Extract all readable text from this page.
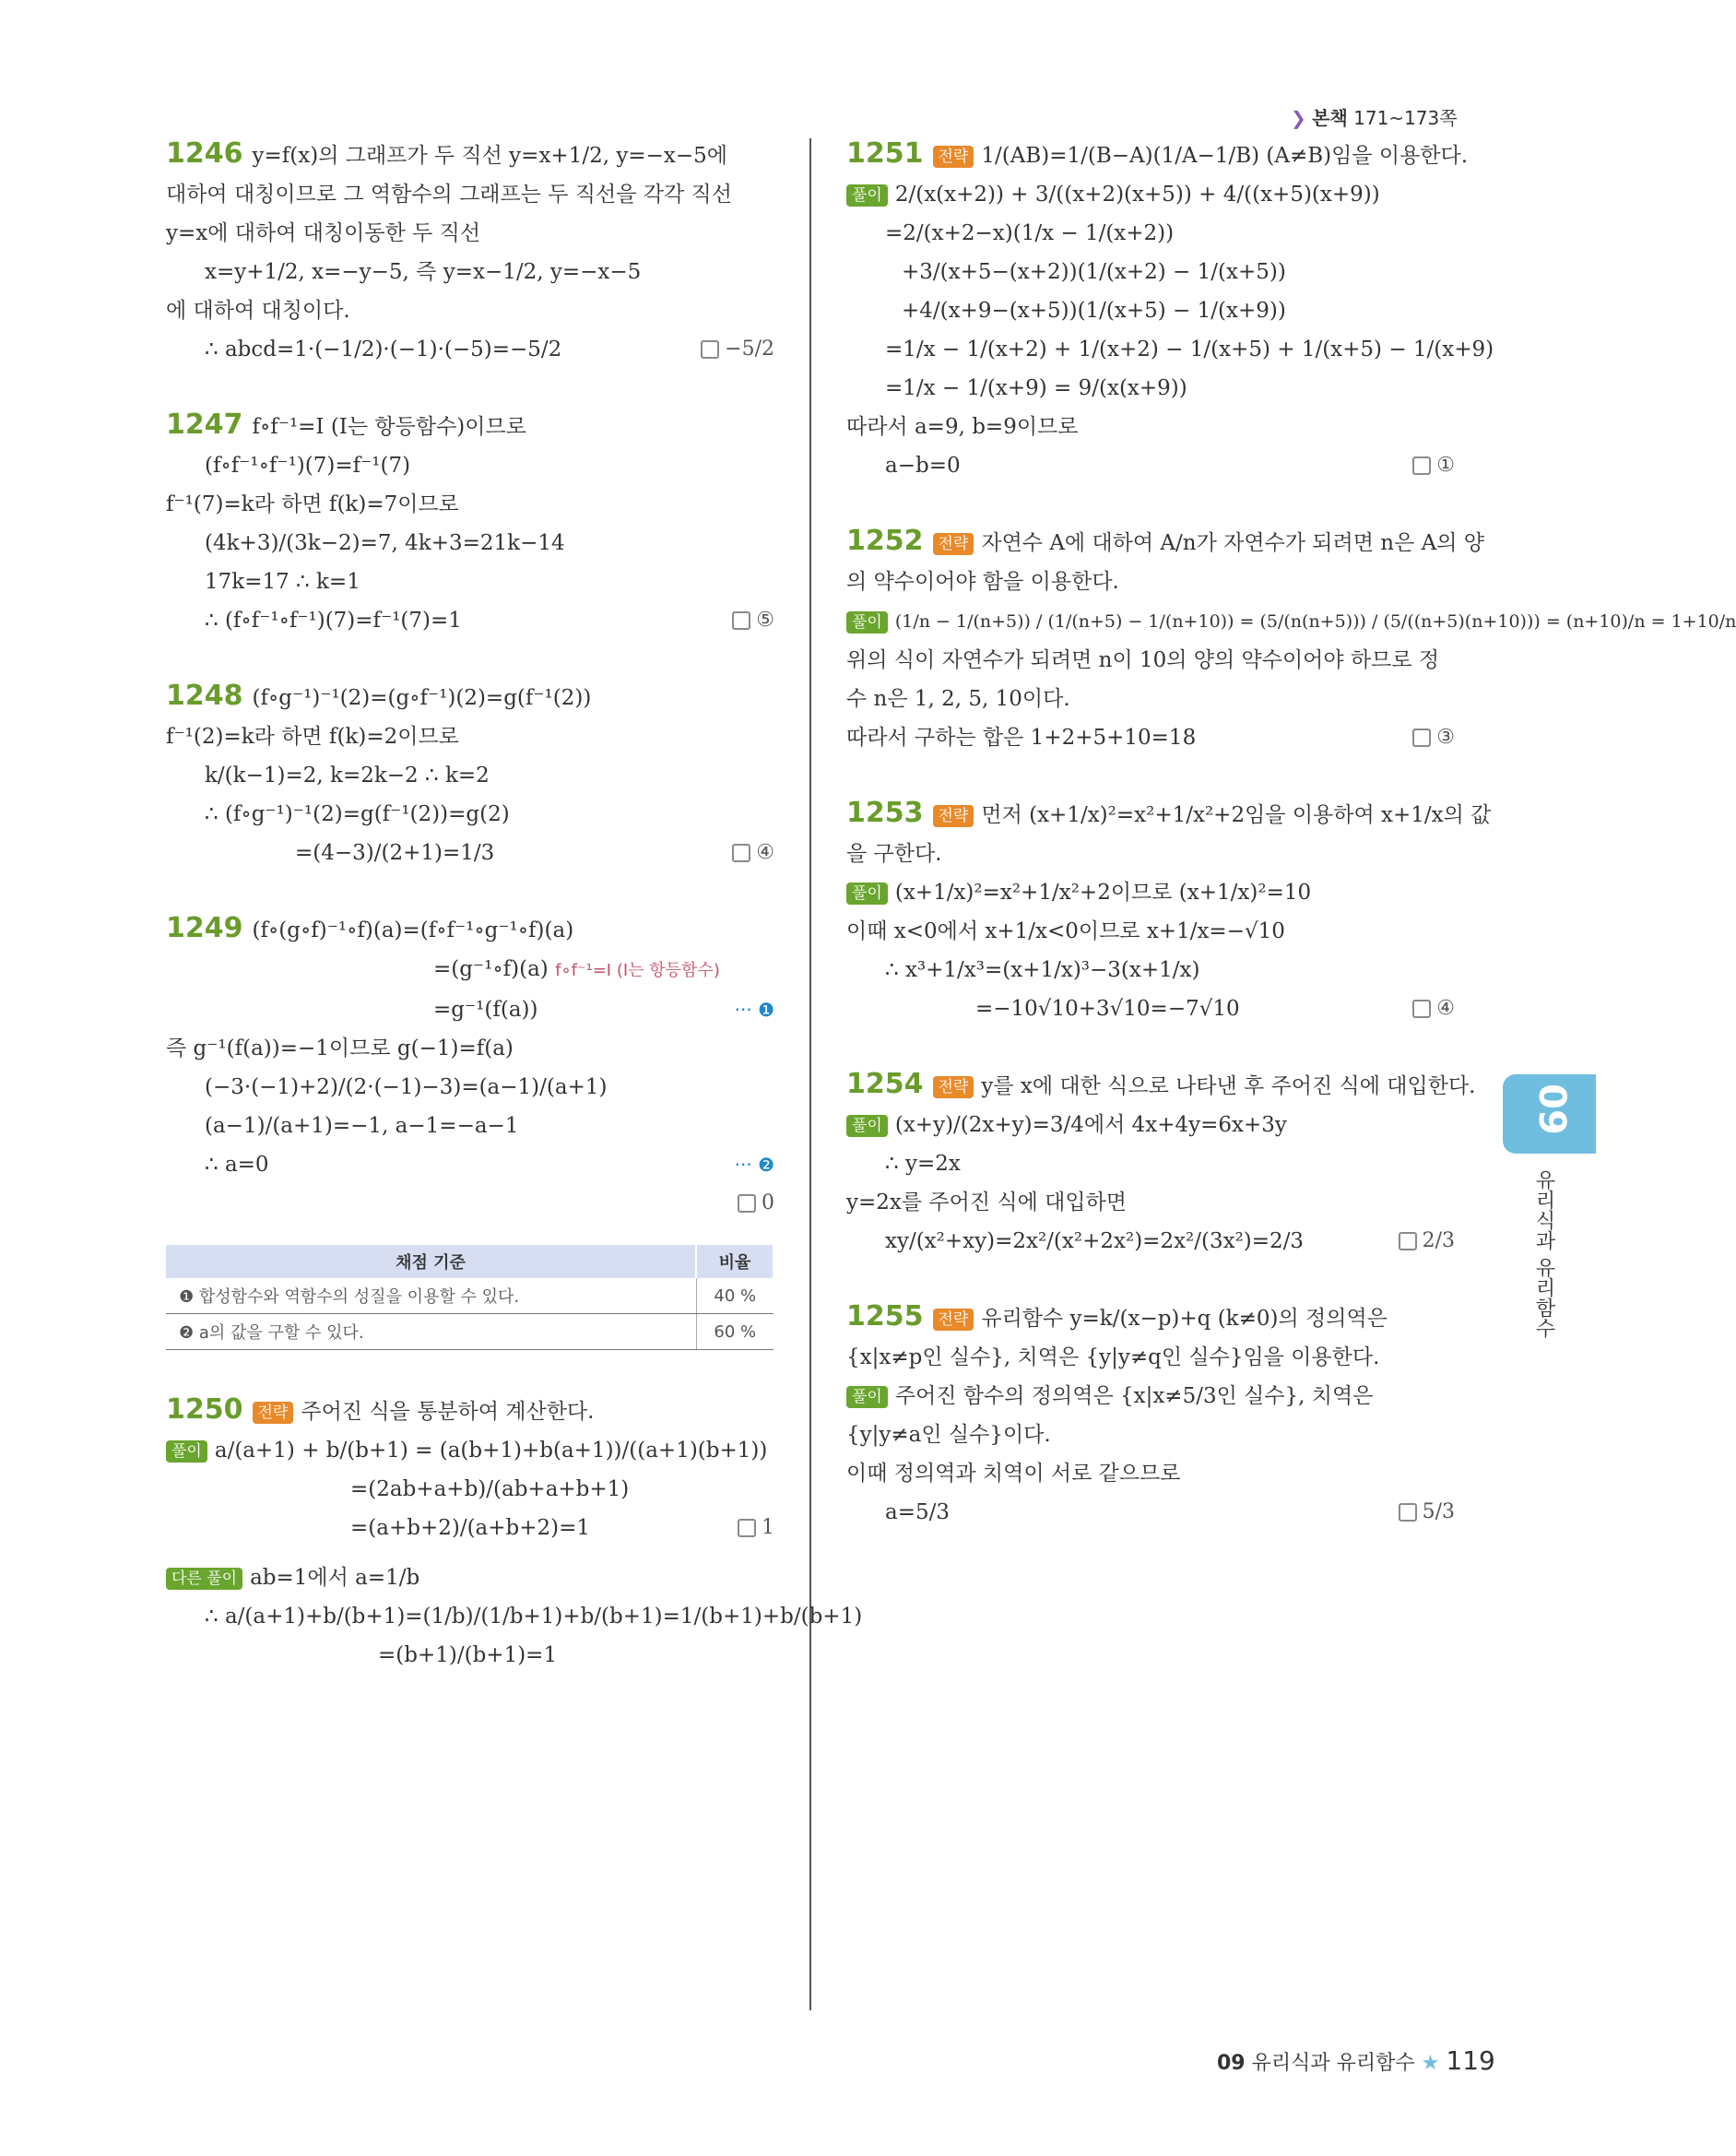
❯ 본책 171~173쪽
1246 y=f(x)의 그래프가 두 직선 y=x+1/2, y=−x−5에
대하여 대칭이므로 그 역함수의 그래프는 두 직선을 각각 직선
y=x에 대하여 대칭이동한 두 직선
x=y+1/2, x=−y−5, 즉 y=x−1/2, y=−x−5
에 대하여 대칭이다.
∴ abcd=1·(−1/2)·(−1)·(−5)=−5/2	−5/2
1247 f∘f⁻¹=I (I는 항등함수)이므로
(f∘f⁻¹∘f⁻¹)(7)=f⁻¹(7)
f⁻¹(7)=k라 하면 f(k)=7이므로
(4k+3)/(3k−2)=7, 4k+3=21k−14
17k=17 ∴ k=1
∴ (f∘f⁻¹∘f⁻¹)(7)=f⁻¹(7)=1	⑤
1248 (f∘g⁻¹)⁻¹(2)=(g∘f⁻¹)(2)=g(f⁻¹(2))
f⁻¹(2)=k라 하면 f(k)=2이므로
k/(k−1)=2, k=2k−2 ∴ k=2
∴ (f∘g⁻¹)⁻¹(2)=g(f⁻¹(2))=g(2)
=(4−3)/(2+1)=1/3	④
1249 (f∘(g∘f)⁻¹∘f)(a)=(f∘f⁻¹∘g⁻¹∘f)(a)
=(g⁻¹∘f)(a) f∘f⁻¹=I (I는 항등함수)
=g⁻¹(f(a))	··· ❶
즉 g⁻¹(f(a))=−1이므로 g(−1)=f(a)
(−3·(−1)+2)/(2·(−1)−3)=(a−1)/(a+1)
(a−1)/(a+1)=−1, a−1=−a−1
∴ a=0	··· ❷
0
채점 기준	비율
❶ 합성함수와 역함수의 성질을 이용할 수 있다.	40 %
❷ a의 값을 구할 수 있다.	60 %
1250 전략 주어진 식을 통분하여 계산한다.
풀이 a/(a+1) + b/(b+1) = (a(b+1)+b(a+1))/((a+1)(b+1))
=(2ab+a+b)/(ab+a+b+1)
=(a+b+2)/(a+b+2)=1	1
다른 풀이 ab=1에서 a=1/b
∴ a/(a+1)+b/(b+1)=(1/b)/(1/b+1)+b/(b+1)=1/(b+1)+b/(b+1)
=(b+1)/(b+1)=1
1251 전략 1/(AB)=1/(B−A)(1/A−1/B) (A≠B)임을 이용한다.
풀이 2/(x(x+2)) + 3/((x+2)(x+5)) + 4/((x+5)(x+9))
=2/(x+2−x)(1/x − 1/(x+2))
+3/(x+5−(x+2))(1/(x+2) − 1/(x+5))
+4/(x+9−(x+5))(1/(x+5) − 1/(x+9))
=1/x − 1/(x+2) + 1/(x+2) − 1/(x+5) + 1/(x+5) − 1/(x+9)
=1/x − 1/(x+9) = 9/(x(x+9))
따라서 a=9, b=9이므로
a−b=0	①
1252 전략 자연수 A에 대하여 A/n가 자연수가 되려면 n은 A의 양
의 약수이어야 함을 이용한다.
풀이 (1/n − 1/(n+5)) / (1/(n+5) − 1/(n+10)) = (5/(n(n+5))) / (5/((n+5)(n+10))) = (n+10)/n = 1+10/n
위의 식이 자연수가 되려면 n이 10의 양의 약수이어야 하므로 정
수 n은 1, 2, 5, 10이다.
따라서 구하는 합은 1+2+5+10=18	③
1253 전략 먼저 (x+1/x)²=x²+1/x²+2임을 이용하여 x+1/x의 값
을 구한다.
풀이 (x+1/x)²=x²+1/x²+2이므로 (x+1/x)²=10
이때 x<0에서 x+1/x<0이므로 x+1/x=−√10
∴ x³+1/x³=(x+1/x)³−3(x+1/x)
=−10√10+3√10=−7√10	④
1254 전략 y를 x에 대한 식으로 나타낸 후 주어진 식에 대입한다.
풀이 (x+y)/(2x+y)=3/4에서 4x+4y=6x+3y
∴ y=2x
y=2x를 주어진 식에 대입하면
xy/(x²+xy)=2x²/(x²+2x²)=2x²/(3x²)=2/3	2/3
1255 전략 유리함수 y=k/(x−p)+q (k≠0)의 정의역은
{x|x≠p인 실수}, 치역은 {y|y≠q인 실수}임을 이용한다.
풀이 주어진 함수의 정의역은 {x|x≠5/3인 실수}, 치역은
{y|y≠a인 실수}이다.
이때 정의역과 치역이 서로 같으므로
a=5/3	5/3
09
유리식과 유리함수
09 유리식과 유리함수 ★ 119
